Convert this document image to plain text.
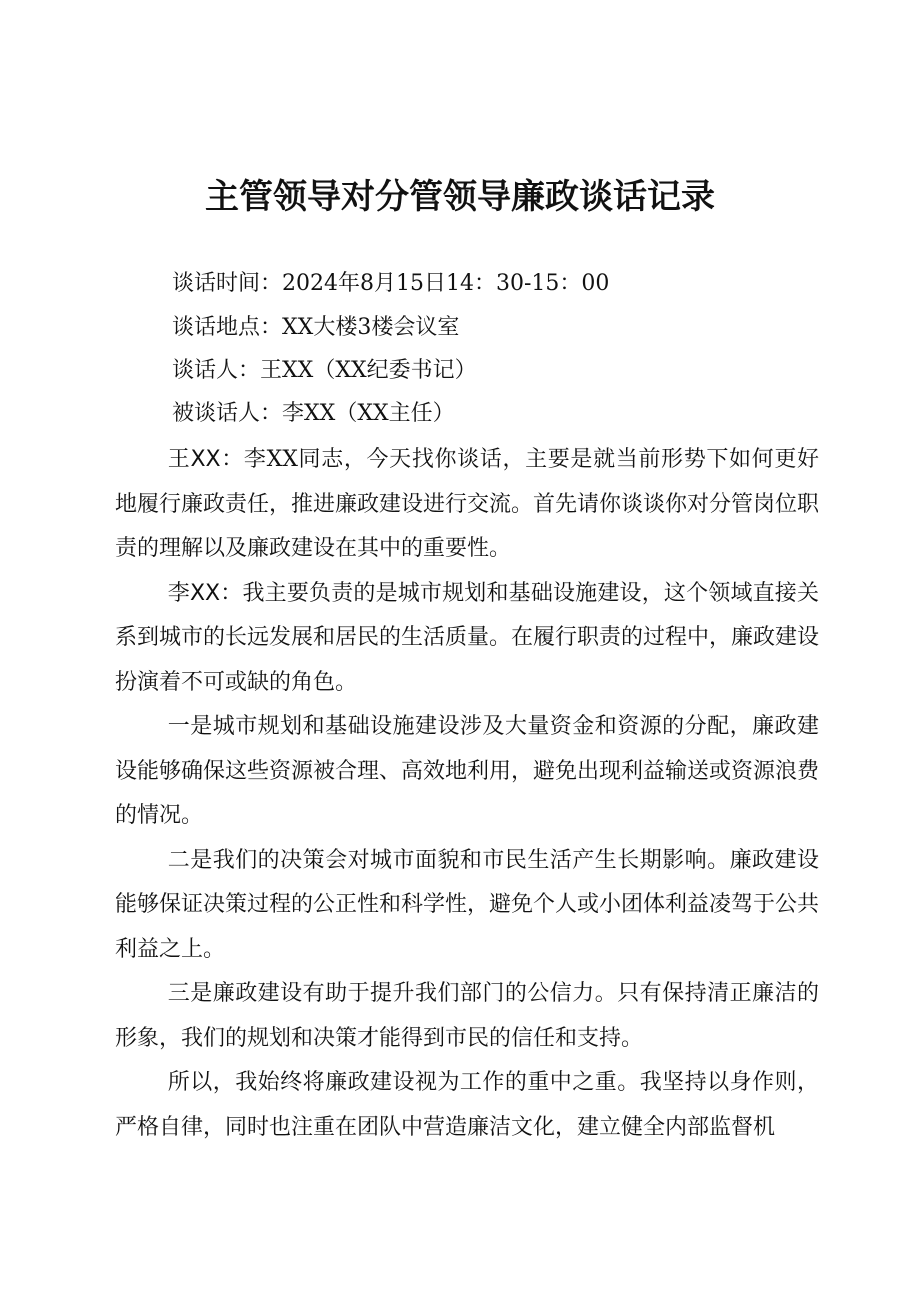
主管领导对分管领导廉政谈话记录
谈话时间：2024年8月15日14：30-15：00
谈话地点：XX大楼3楼会议室
谈话人：王XX（XX纪委书记）
被谈话人：李XX（XX主任）

王XX：李XX同志，今天找你谈话，主要是就当前形势下如何更好地履行廉政责任，推进廉政建设进行交流。首先请你谈谈你对分管岗位职责的理解以及廉政建设在其中的重要性。

李XX：我主要负责的是城市规划和基础设施建设，这个领域直接关系到城市的长远发展和居民的生活质量。在履行职责的过程中，廉政建设扮演着不可或缺的角色。

一是城市规划和基础设施建设涉及大量资金和资源的分配，廉政建设能够确保这些资源被合理、高效地利用，避免出现利益输送或资源浪费的情况。

二是我们的决策会对城市面貌和市民生活产生长期影响。廉政建设能够保证决策过程的公正性和科学性，避免个人或小团体利益凌驾于公共利益之上。

三是廉政建设有助于提升我们部门的公信力。只有保持清正廉洁的形象，我们的规划和决策才能得到市民的信任和支持。

所以，我始终将廉政建设视为工作的重中之重。我坚持以身作则，严格自律，同时也注重在团队中营造廉洁文化，建立健全内部监督机
